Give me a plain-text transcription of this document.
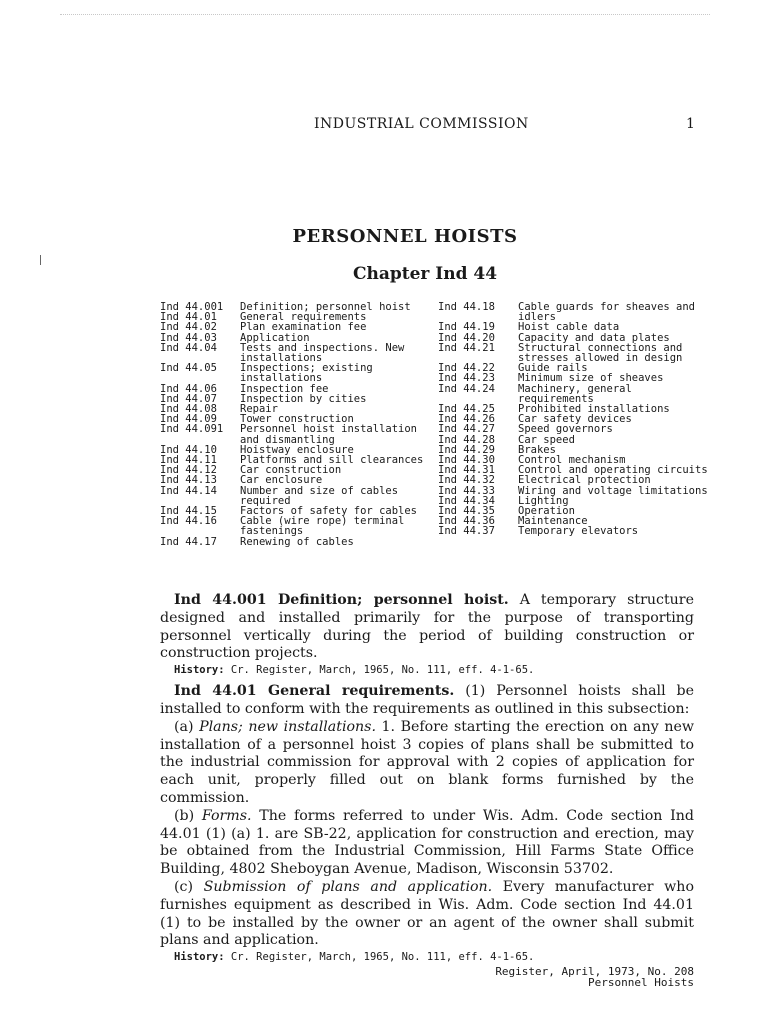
INDUSTRIAL COMMISSION	1
PERSONNEL HOISTS
Chapter Ind 44
Ind 44.001	Definition; personnel hoist
Ind 44.01	General requirements
Ind 44.02	Plan examination fee
Ind 44.03	Application
Ind 44.04	Tests and inspections. New installations
Ind 44.05	Inspections; existing installations
Ind 44.06	Inspection fee
Ind 44.07	Inspection by cities
Ind 44.08	Repair
Ind 44.09	Tower construction
Ind 44.091	Personnel hoist installation and dismantling
Ind 44.10	Hoistway enclosure
Ind 44.11	Platforms and sill clearances
Ind 44.12	Car construction
Ind 44.13	Car enclosure
Ind 44.14	Number and size of cables required
Ind 44.15	Factors of safety for cables
Ind 44.16	Cable (wire rope) terminal fastenings
Ind 44.17	Renewing of cables
Ind 44.18	Cable guards for sheaves and idlers
Ind 44.19	Hoist cable data
Ind 44.20	Capacity and data plates
Ind 44.21	Structural connections and stresses allowed in design
Ind 44.22	Guide rails
Ind 44.23	Minimum size of sheaves
Ind 44.24	Machinery, general requirements
Ind 44.25	Prohibited installations
Ind 44.26	Car safety devices
Ind 44.27	Speed governors
Ind 44.28	Car speed
Ind 44.29	Brakes
Ind 44.30	Control mechanism
Ind 44.31	Control and operating circuits
Ind 44.32	Electrical protection
Ind 44.33	Wiring and voltage limitations
Ind 44.34	Lighting
Ind 44.35	Operation
Ind 44.36	Maintenance
Ind 44.37	Temporary elevators

Ind 44.001 Definition; personnel hoist. A temporary structure designed and installed primarily for the purpose of transporting personnel vertically during the period of building construction or construction projects.

History: Cr. Register, March, 1965, No. 111, eff. 4-1-65.

Ind 44.01 General requirements. (1) Personnel hoists shall be installed to conform with the requirements as outlined in this subsection:

(a) Plans; new installations. 1. Before starting the erection on any new installation of a personnel hoist 3 copies of plans shall be submitted to the industrial commission for approval with 2 copies of application for each unit, properly filled out on blank forms furnished by the commission.

(b) Forms. The forms referred to under Wis. Adm. Code section Ind 44.01 (1) (a) 1. are SB-22, application for construction and erection, may be obtained from the Industrial Commission, Hill Farms State Office Building, 4802 Sheboygan Avenue, Madison, Wisconsin 53702.

(c) Submission of plans and application. Every manufacturer who furnishes equipment as described in Wis. Adm. Code section Ind 44.01 (1) to be installed by the owner or an agent of the owner shall submit plans and application.

History: Cr. Register, March, 1965, No. 111, eff. 4-1-65.

Register, April, 1973, No. 208
Personnel Hoists
